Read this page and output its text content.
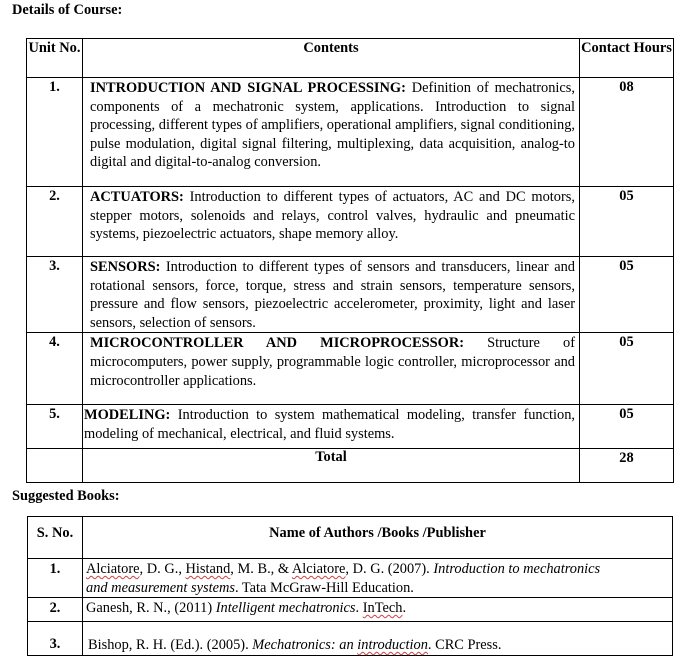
Details of Course:
Unit No.	Contents	Contact Hours
1.	INTRODUCTION AND SIGNAL PROCESSING: Definition of mechatronics, components of a mechatronic system, applications. Introduction to signal processing, different types of amplifiers, operational amplifiers, signal conditioning, pulse modulation, digital signal filtering, multiplexing, data acquisition, analog-to digital and digital-to-analog conversion.	08
2.	ACTUATORS: Introduction to different types of actuators, AC and DC motors, stepper motors, solenoids and relays, control valves, hydraulic and pneumatic systems, piezoelectric actuators, shape memory alloy.	05
3.	SENSORS: Introduction to different types of sensors and transducers, linear and rotational sensors, force, torque, stress and strain sensors, temperature sensors, pressure and flow sensors, piezoelectric accelerometer, proximity, light and laser sensors, selection of sensors.	05
4.	MICROCONTROLLER AND MICROPROCESSOR: Structure of microcomputers, power supply, programmable logic controller, microprocessor and microcontroller applications.	05
5.	MODELING: Introduction to system mathematical modeling, transfer function, modeling of mechanical, electrical, and fluid systems.	05
	Total	28
Suggested Books:
S. No.	Name of Authors /Books /Publisher
1.	Alciatore, D. G., Histand, M. B., & Alciatore, D. G. (2007). Introduction to mechatronics
and measurement systems. Tata McGraw-Hill Education.
2.	Ganesh, R. N., (2011) Intelligent mechatronics. InTech.
3.	Bishop, R. H. (Ed.). (2005). Mechatronics: an introduction. CRC Press.
